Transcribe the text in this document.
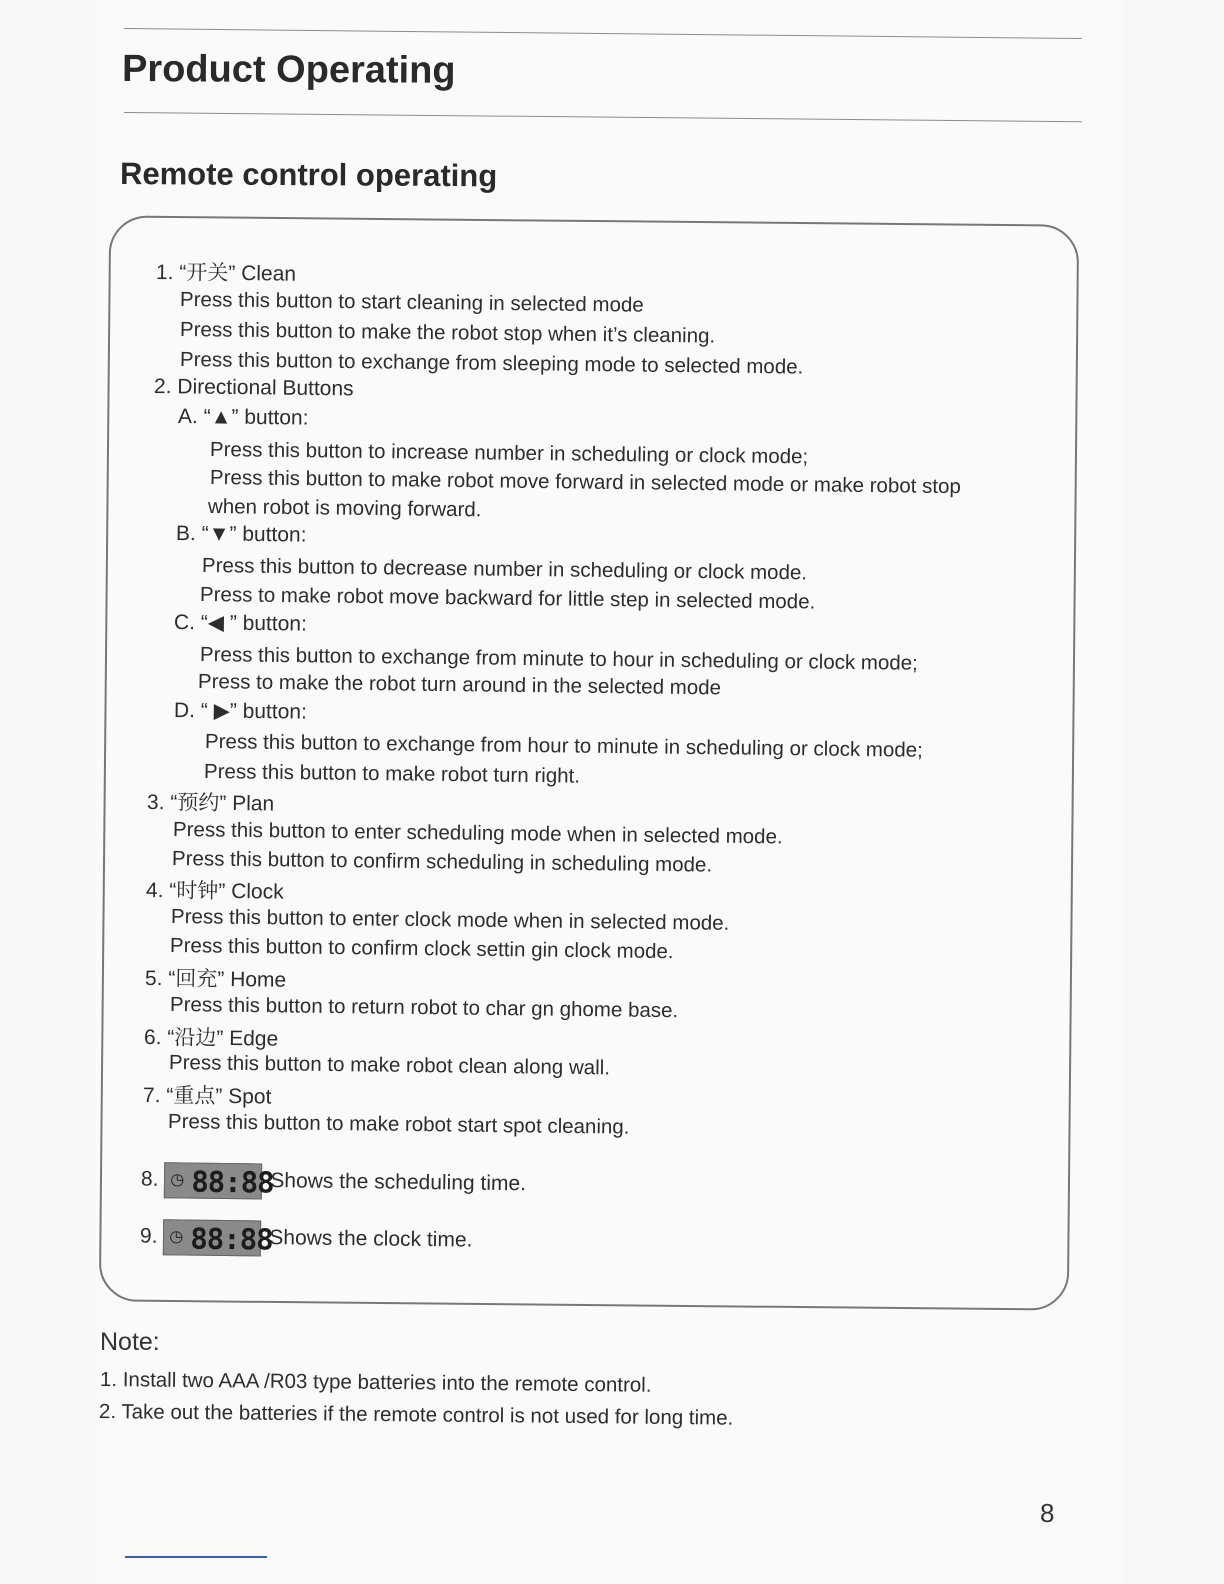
Product Operating
Remote control operating
1. “开关” Clean
Press this button to start cleaning in selected mode
Press this button to make the robot stop when it’s cleaning.
Press this button to exchange from sleeping mode to selected mode.
2. Directional Buttons
A. “▲” button:
Press this button to increase number in scheduling or clock mode;
Press this button to make robot move forward in selected mode or make robot stop
when robot is moving forward.
B. “▼” button:
Press this button to decrease number in scheduling or clock mode.
Press to make robot move backward for little step in selected mode.
C. “◀ ” button:
Press this button to exchange from minute to hour in scheduling or clock mode;
Press to make the robot turn around in the selected mode
D. “ ▶” button:
Press this button to exchange from hour to minute in scheduling or clock mode;
Press this button to make robot turn right.
3. “预约” Plan
Press this button to enter scheduling mode when in selected mode.
Press this button to confirm scheduling in scheduling mode.
4. “时钟” Clock
Press this button to enter clock mode when in selected mode.
Press this button to confirm clock settin gin clock mode.
5. “回充” Home
Press this button to return robot to char gn ghome base.
6. “沿边” Edge
Press this button to make robot clean along wall.
7. “重点” Spot
Press this button to make robot start spot cleaning.
8. ◷ 88:88
Shows the scheduling time.
9. ◷ 88:88
Shows the clock time.
Note:
1. Install two AAA /R03 type batteries into the remote control.
2. Take out the batteries if the remote control is not used for long time.
8
